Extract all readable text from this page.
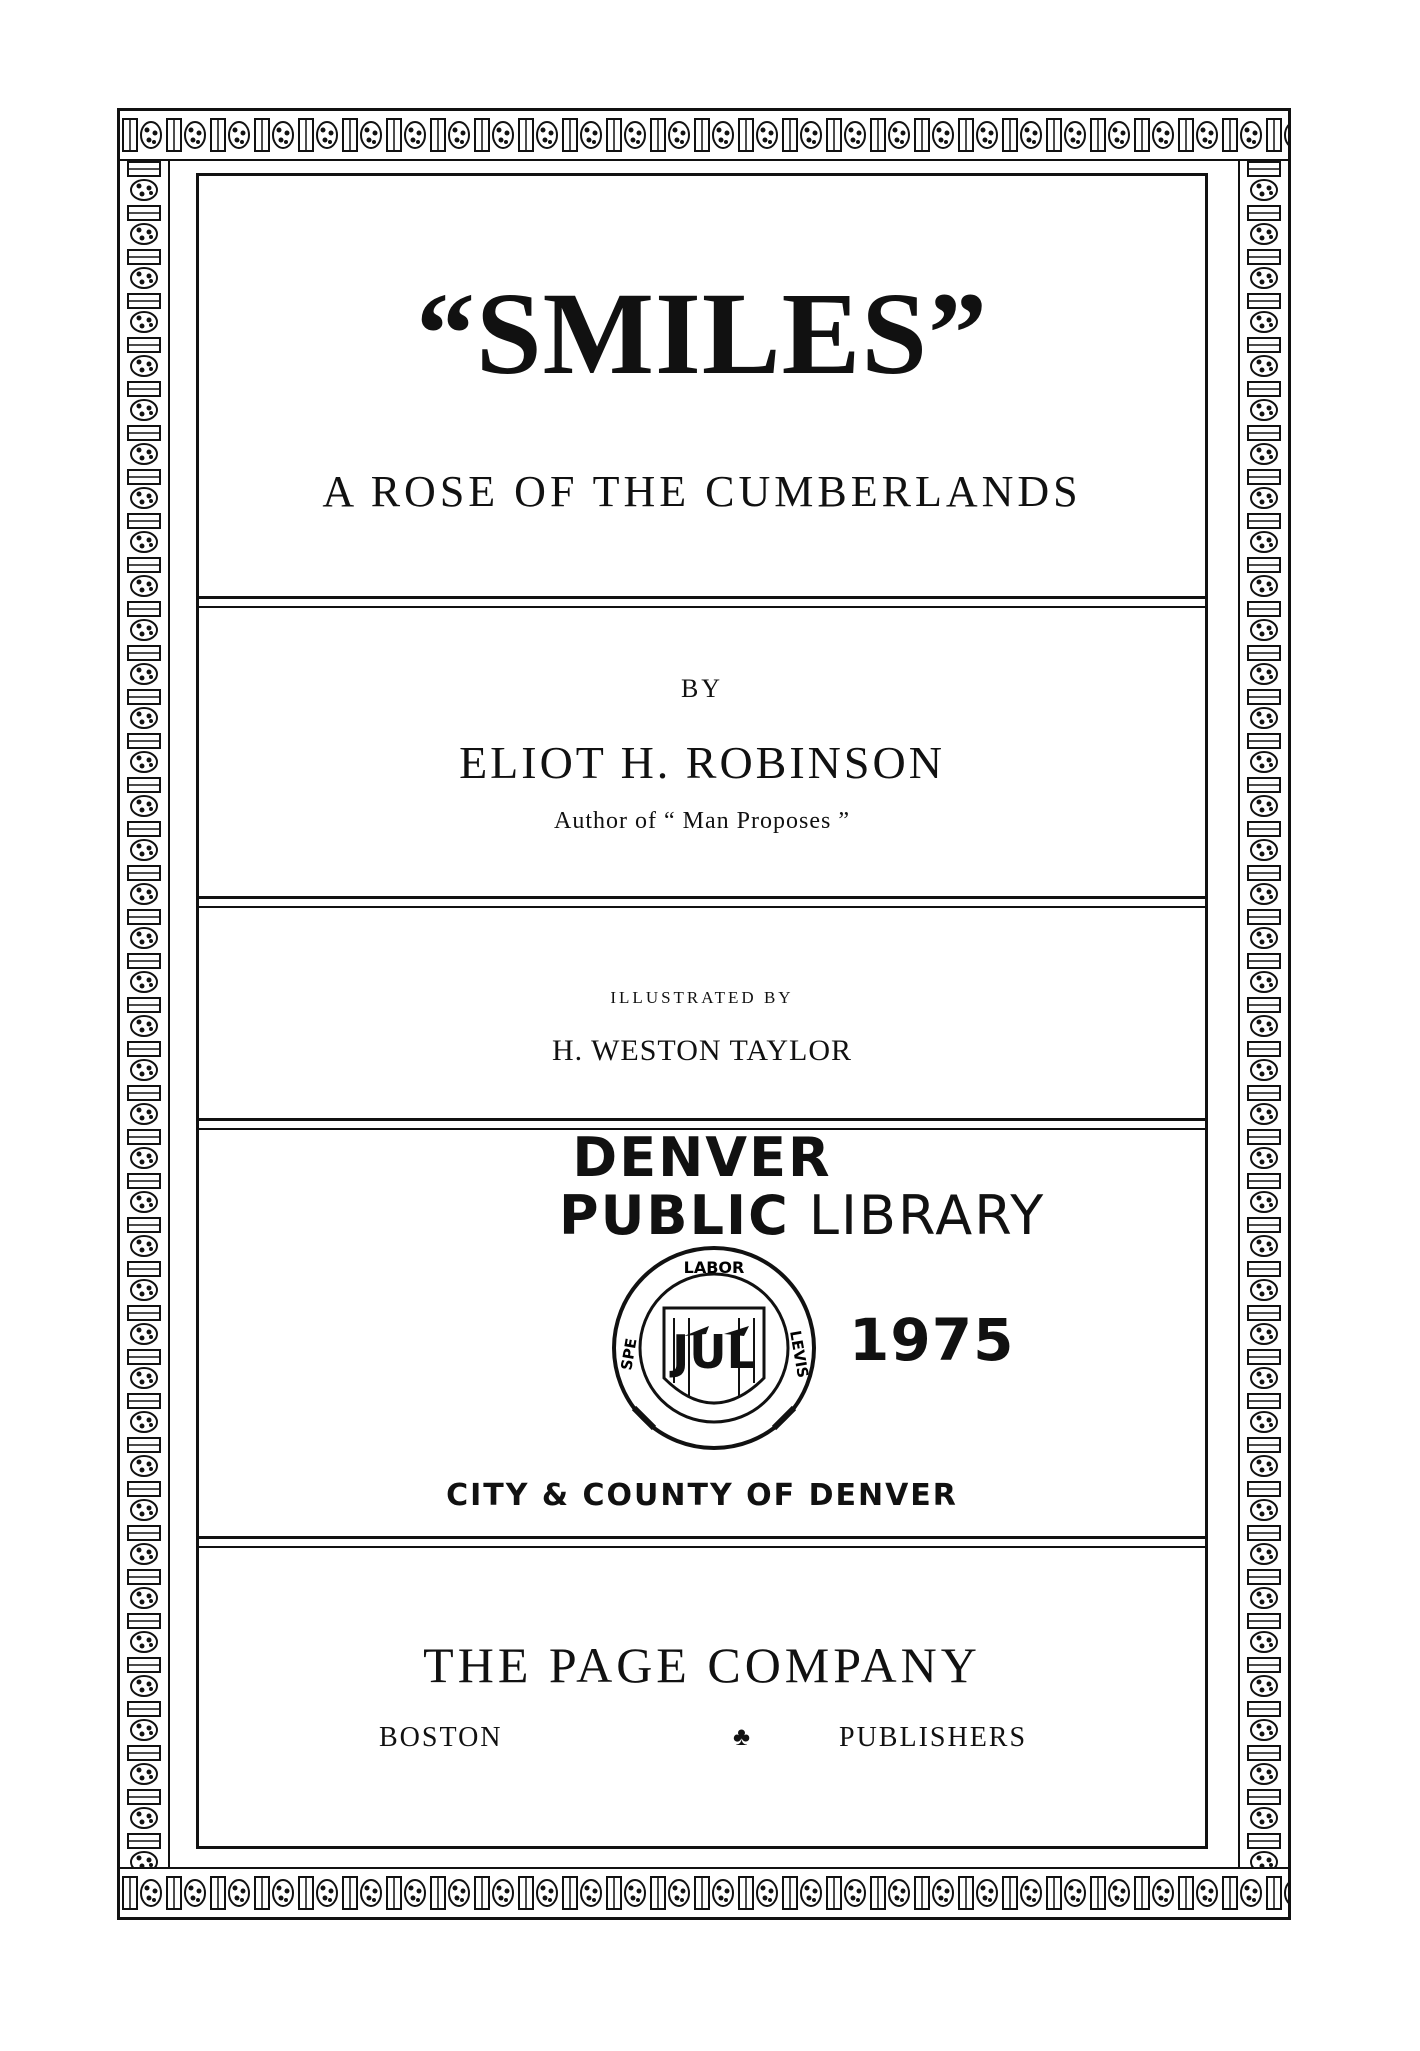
“SMILES”
A ROSE OF THE CUMBERLANDS
BY
ELIOT H. ROBINSON
Author of “ Man Proposes ”
ILLUSTRATED BY
H. WESTON TAYLOR
DENVER
PUBLIC LIBRARY
LABOR
SPE	LEVIS
JUL 1975
CITY & COUNTY OF DENVER
THE PAGE COMPANY
BOSTON	♣	PUBLISHERS
